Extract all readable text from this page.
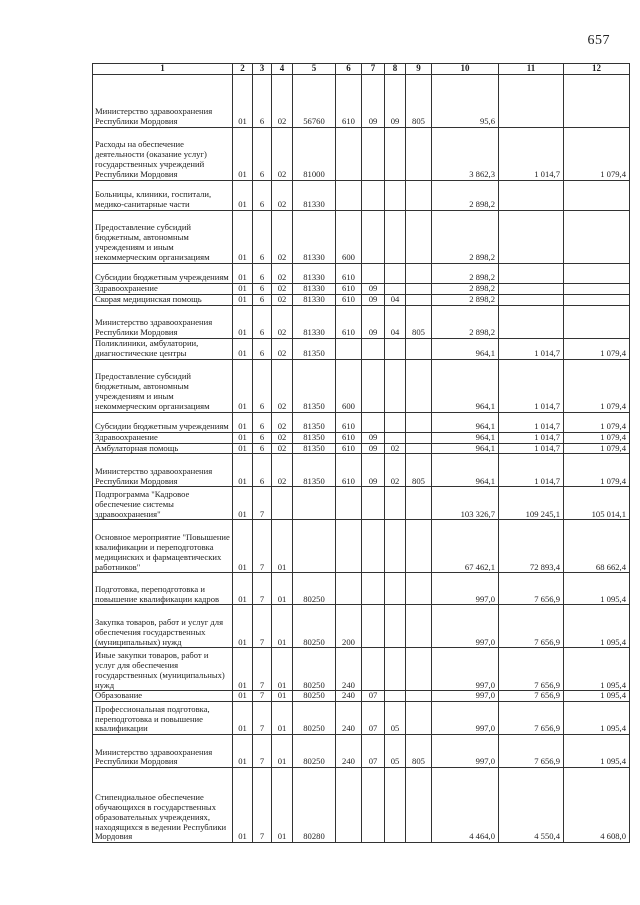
657
1	2	3	4	5	6	7	8	9	10	11	12
Министерство здравоохранения Республики Мордовия	01	6	02	56760	610	09	09	805	95,6		
Расходы на обеспечение деятельности (оказание услуг) государственных учреждений Республики Мордовия	01	6	02	81000					3 862,3	1 014,7	1 079,4
Больницы, клиники, госпитали, медико-санитарные части	01	6	02	81330					2 898,2		
Предоставление субсидий бюджетным, автономным учреждениям и иным некоммерческим организациям	01	6	02	81330	600				2 898,2		
Субсидии бюджетным учреждениям	01	6	02	81330	610				2 898,2		
Здравоохранение	01	6	02	81330	610	09			2 898,2		
Скорая медицинская помощь	01	6	02	81330	610	09	04		2 898,2		
Министерство здравоохранения Республики Мордовия	01	6	02	81330	610	09	04	805	2 898,2		
Поликлиники, амбулатории, диагностические центры	01	6	02	81350					964,1	1 014,7	1 079,4
Предоставление субсидий бюджетным, автономным учреждениям и иным некоммерческим организациям	01	6	02	81350	600				964,1	1 014,7	1 079,4
Субсидии бюджетным учреждениям	01	6	02	81350	610				964,1	1 014,7	1 079,4
Здравоохранение	01	6	02	81350	610	09			964,1	1 014,7	1 079,4
Амбулаторная помощь	01	6	02	81350	610	09	02		964,1	1 014,7	1 079,4
Министерство здравоохранения Республики Мордовия	01	6	02	81350	610	09	02	805	964,1	1 014,7	1 079,4
Подпрограмма "Кадровое обеспечение системы здравоохранения"	01	7							103 326,7	109 245,1	105 014,1
Основное мероприятие "Повышение квалификации и переподготовка медицинских и фармацевтических работников"	01	7	01						67 462,1	72 893,4	68 662,4
Подготовка, переподготовка и повышение квалификации кадров	01	7	01	80250					997,0	7 656,9	1 095,4
Закупка товаров, работ и услуг для обеспечения государственных (муниципальных) нужд	01	7	01	80250	200				997,0	7 656,9	1 095,4
Иные закупки товаров, работ и услуг для обеспечения государственных (муниципальных) нужд	01	7	01	80250	240				997,0	7 656,9	1 095,4
Образование	01	7	01	80250	240	07			997,0	7 656,9	1 095,4
Профессиональная подготовка, переподготовка и повышение квалификации	01	7	01	80250	240	07	05		997,0	7 656,9	1 095,4
Министерство здравоохранения Республики Мордовия	01	7	01	80250	240	07	05	805	997,0	7 656,9	1 095,4
Стипендиальное обеспечение обучающихся в государственных образовательных учреждениях, находящихся в ведении Республики Мордовия	01	7	01	80280					4 464,0	4 550,4	4 608,0
